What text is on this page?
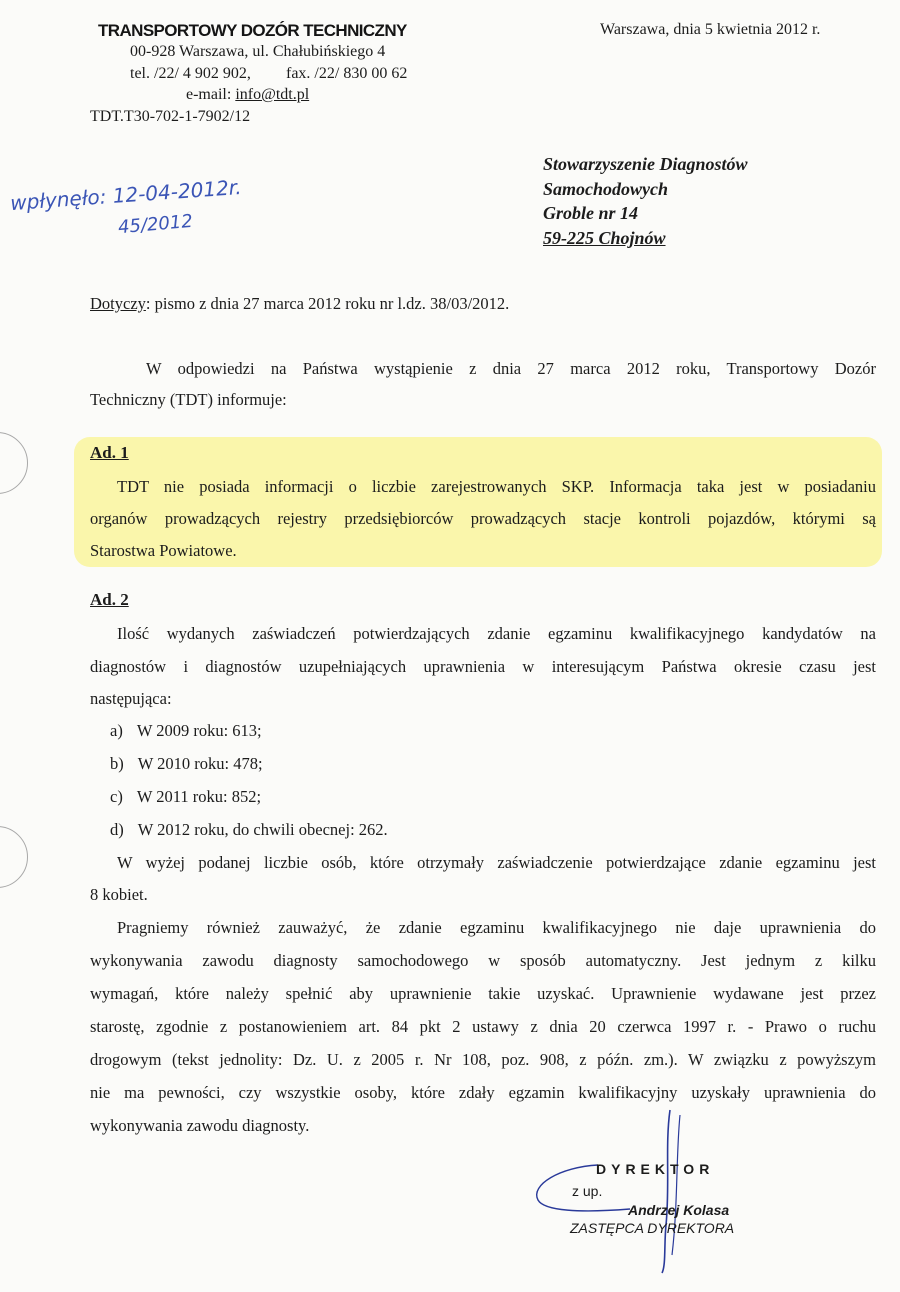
TRANSPORTOWY DOZÓR TECHNICZNY
00-928 Warszawa, ul. Chałubińskiego 4
tel. /22/ 4 902 902, fax. /22/ 830 00 62
e-mail: info@tdt.pl
TDT.T30-702-1-7902/12
Warszawa, dnia 5 kwietnia 2012 r.
wpłynęło: 12-04-2012r.
45/2012
Stowarzyszenie Diagnostów
Samochodowych
Groble nr 14
59-225 Chojnów
Dotyczy: pismo z dnia 27 marca 2012 roku nr l.dz. 38/03/2012.
W odpowiedzi na Państwa wystąpienie z dnia 27 marca 2012 roku, Transportowy Dozór
Techniczny (TDT) informuje:
Ad. 1
TDT nie posiada informacji o liczbie zarejestrowanych SKP. Informacja taka jest w posiadaniu
organów prowadzących rejestry przedsiębiorców prowadzących stacje kontroli pojazdów, którymi są
Starostwa Powiatowe.
Ad. 2
Ilość wydanych zaświadczeń potwierdzających zdanie egzaminu kwalifikacyjnego kandydatów na
diagnostów i diagnostów uzupełniających uprawnienia w interesującym Państwa okresie czasu jest
następująca:
a) W 2009 roku: 613;
b) W 2010 roku: 478;
c) W 2011 roku: 852;
d) W 2012 roku, do chwili obecnej: 262.
W wyżej podanej liczbie osób, które otrzymały zaświadczenie potwierdzające zdanie egzaminu jest
8 kobiet.
Pragniemy również zauważyć, że zdanie egzaminu kwalifikacyjnego nie daje uprawnienia do
wykonywania zawodu diagnosty samochodowego w sposób automatyczny. Jest jednym z kilku
wymagań, które należy spełnić aby uprawnienie takie uzyskać. Uprawnienie wydawane jest przez
starostę, zgodnie z postanowieniem art. 84 pkt 2 ustawy z dnia 20 czerwca 1997 r. - Prawo o ruchu
drogowym (tekst jednolity: Dz. U. z 2005 r. Nr 108, poz. 908, z późn. zm.). W związku z powyższym
nie ma pewności, czy wszystkie osoby, które zdały egzamin kwalifikacyjny uzyskały uprawnienia do
wykonywania zawodu diagnosty.
DYREKTOR
z up.
Andrzej Kolasa
ZASTĘPCA DYREKTORA
